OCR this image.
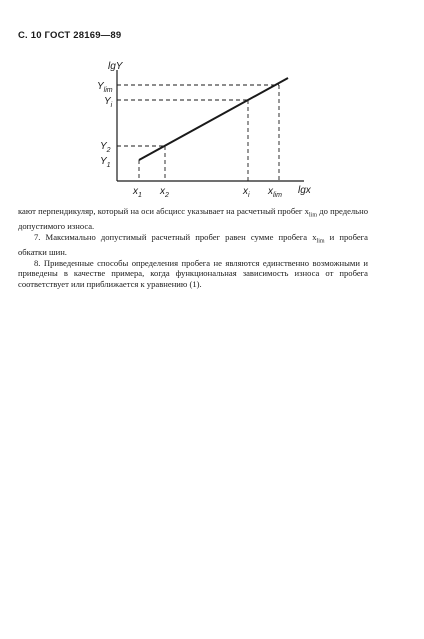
С. 10 ГОСТ 28169—89
lgY
lgx
$Y_{lim}$
$Y_i$
$Y_2$
$Y_1$
$x_1$ $x_2$	$x_i$ $x_{lim}$

кают перпендикуляр, который на оси абсцисс указывает на расчетный пробег $x_{lim}$ до предельно допустимого износа.

7. Максимально допустимый расчетный пробег равен сумме пробега $x_{lim}$ и пробега обкатки шин.

8. Приведенные способы определения пробега не являются единственно возможными и приведены в качестве примера, когда функциональная зависимость износа от пробега соответствует или приближается к уравнению (1).
